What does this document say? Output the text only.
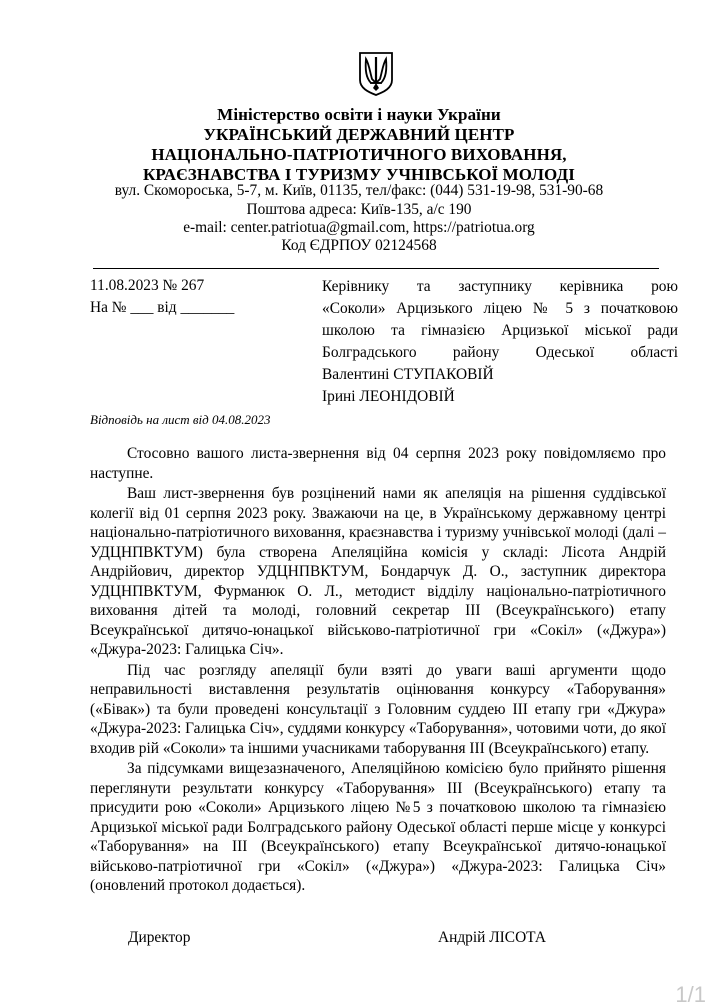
Міністерство освіти і науки України
УКРАЇНСЬКИЙ ДЕРЖАВНИЙ ЦЕНТР
НАЦІОНАЛЬНО-ПАТРІОТИЧНОГО ВИХОВАННЯ,
КРАЄЗНАВСТВА І ТУРИЗМУ УЧНІВСЬКОЇ МОЛОДІ
вул. Скоморοська, 5-7, м. Київ, 01135, тел/факс: (044) 531-19-98, 531-90-68
Поштова адреса: Київ-135, а/с 190
e-mail: center.patriotua@gmail.com, https://patriotua.org
Код ЄДРПОУ 02124568
11.08.2023 № 267
На № ___ від _______
Керівнику та заступнику керівника рою
«Соколи» Арцизького ліцею № 5 з початковою
школою та гімназією Арцизької міської ради
Болградського району Одеської області
Валентині СТУПАКОВІЙ
Ірині ЛЕОНІДОВІЙ
Відповідь на лист від 04.08.2023

Стосовно вашого листа-звернення від 04 серпня 2023 року повідомляємо про наступне.

Ваш лист-звернення був розцінений нами як апеляція на рішення суддівської колегії від 01 серпня 2023 року. Зважаючи на це, в Українському державному центрі національно-патріотичного виховання, краєзнавства і туризму учнівської молоді (далі – УДЦНПВКТУМ) була створена Апеляційна комісія у складі: Лісота Андрій Андрійович, директор УДЦНПВКТУМ, Бондарчук Д. О., заступник директора УДЦНПВКТУМ, Фурманюк О. Л., методист відділу національно-патріотичного виховання дітей та молоді, головний секретар ІІІ (Всеукраїнського) етапу Всеукраїнської дитячо-юнацької військово-патріотичної гри «Сокіл» («Джура») «Джура-2023: Галицька Січ».

Під час розгляду апеляції були взяті до уваги ваші аргументи щодо неправильності виставлення результатів оцінювання конкурсу «Таборування» («Бівак») та були проведені консультації з Головним суддею ІІІ етапу гри «Джура» «Джура-2023: Галицька Січ», суддями конкурсу «Таборування», чотовими чоти, до якої входив рій «Соколи» та іншими учасниками таборування ІІІ (Всеукраїнського) етапу.

За підсумками вищезазначеного, Апеляційною комісією було прийнято рішення переглянути результати конкурсу «Таборування» ІІІ (Всеукраїнського) етапу та присудити рою «Соколи» Арцизького ліцею №5 з початковою школою та гімназією Арцизької міської ради Болградського району Одеської області перше місце у конкурсі «Таборування» на ІІІ (Всеукраїнського) етапу Всеукраїнської дитячо-юнацької військово-патріотичної гри «Сокіл» («Джура») «Джура-2023: Галицька Січ» (оновлений протокол додається).

Директор	Андрій ЛІСОТА
1/1
